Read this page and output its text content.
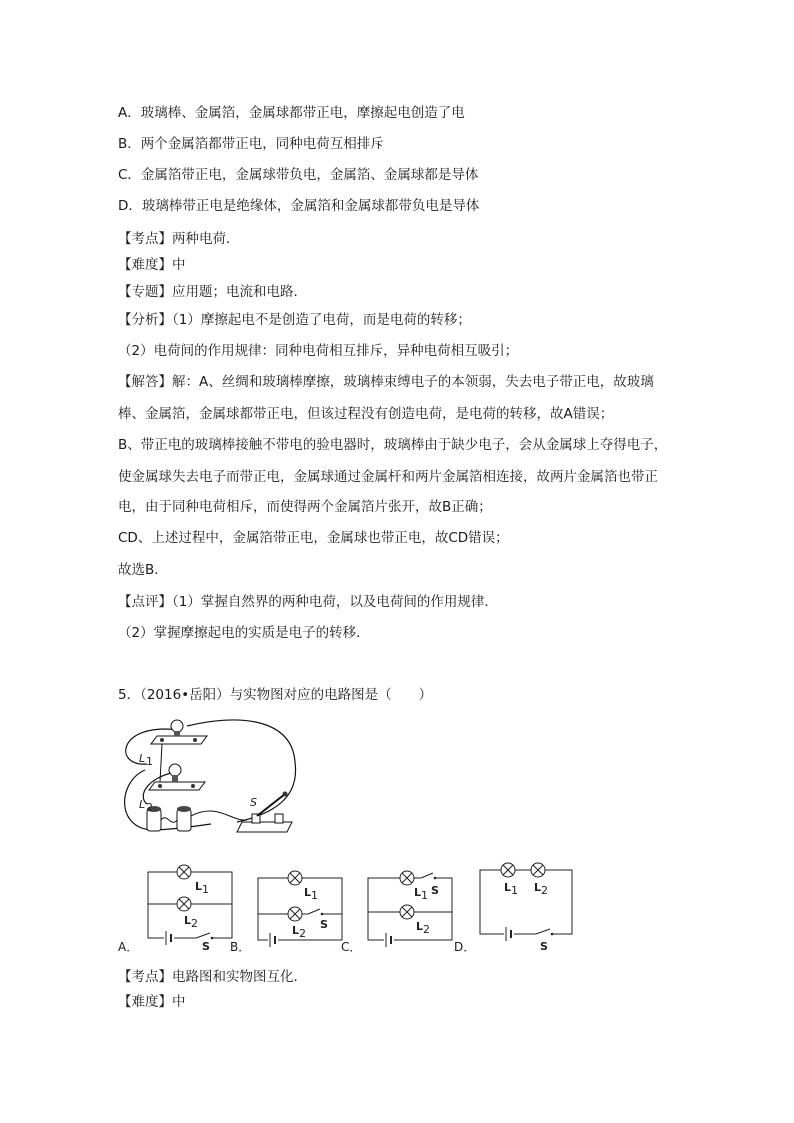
A．玻璃棒、金属箔，金属球都带正电，摩擦起电创造了电
B．两个金属箔都带正电，同种电荷互相排斥
C．金属箔带正电，金属球带负电，金属箔、金属球都是导体
D．玻璃棒带正电是绝缘体，金属箔和金属球都带负电是导体
【考点】两种电荷．
【难度】中
【专题】应用题；电流和电路．
【分析】（1）摩擦起电不是创造了电荷，而是电荷的转移；
（2）电荷间的作用规律：同种电荷相互排斥，异种电荷相互吸引；
【解答】解：A、丝绸和玻璃棒摩擦，玻璃棒束缚电子的本领弱，失去电子带正电，故玻璃
棒、金属箔，金属球都带正电，但该过程没有创造电荷，是电荷的转移，故A错误；
B、带正电的玻璃棒接触不带电的验电器时，玻璃棒由于缺少电子，会从金属球上夺得电子，
使金属球失去电子而带正电，金属球通过金属杆和两片金属箔相连接，故两片金属箔也带正
电，由于同种电荷相斥，而使得两个金属箔片张开，故B正确；
CD、上述过程中，金属箔带正电，金属球也带正电，故CD错误；
故选B．
【点评】（1）掌握自然界的两种电荷，以及电荷间的作用规律．
（2）掌握摩擦起电的实质是电子的转移．
5．（2016•岳阳）与实物图对应的电路图是（　　）
L 1
L 2	S
L 1
L 2
S
L 1
L 2
S
L 1 S
L 2
L 1 L 2
S
A．	B．	C．	D．
【考点】电路图和实物图互化．
【难度】中
